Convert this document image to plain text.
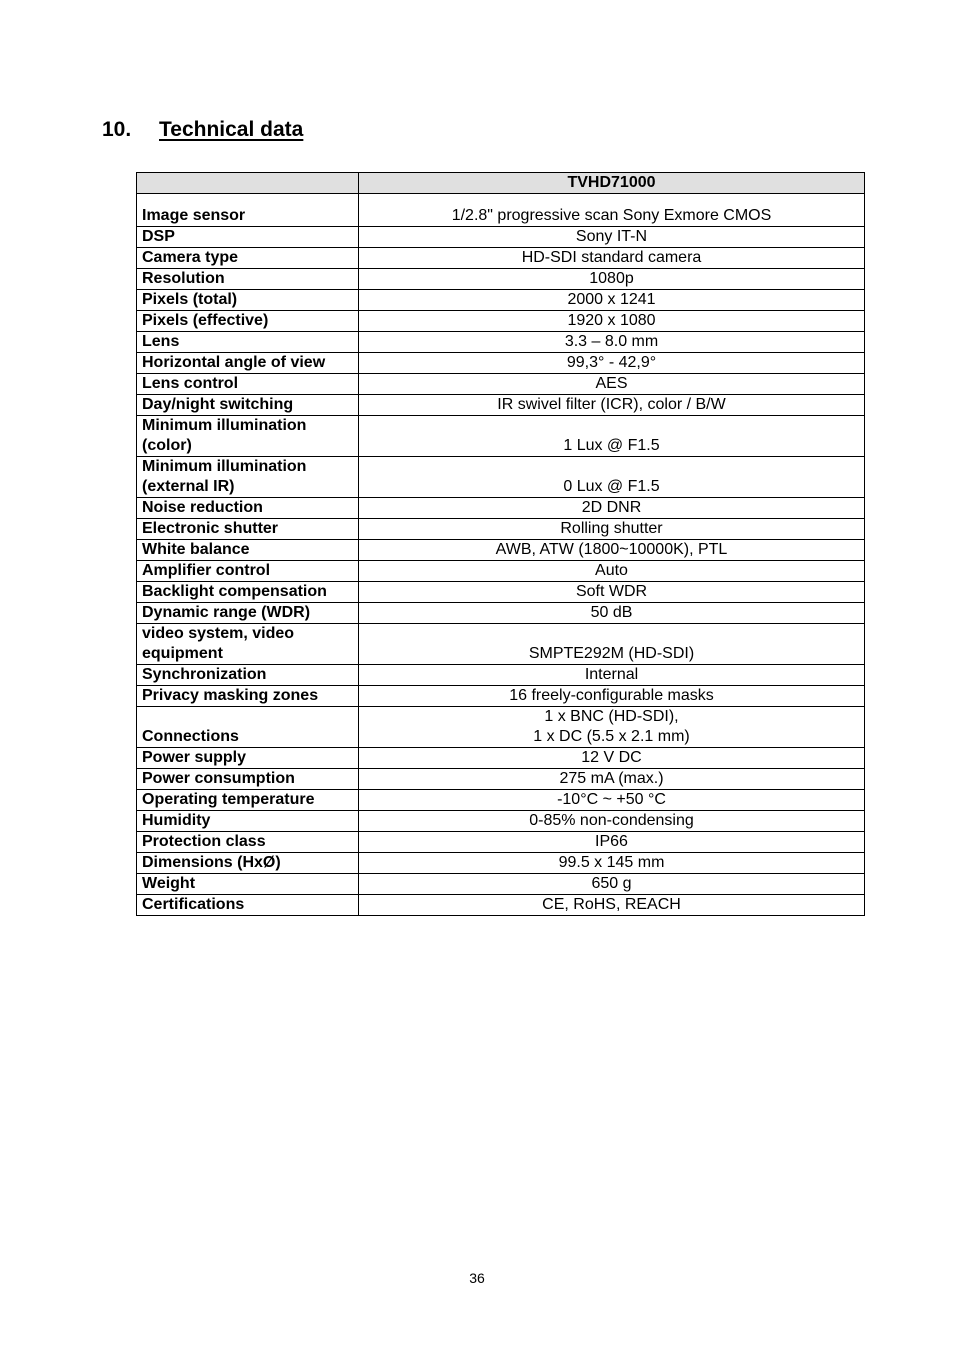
10. Technical data
	TVHD71000
Image sensor	1/2.8" progressive scan Sony Exmore CMOS
DSP	Sony IT-N
Camera type	HD-SDI standard camera
Resolution	1080p
Pixels (total)	2000 x 1241
Pixels (effective)	1920 x 1080
Lens	3.3 – 8.0 mm
Horizontal angle of view	99,3° - 42,9°
Lens control	AES
Day/night switching	IR swivel filter (ICR), color / B/W
Minimum illumination
(color)	1 Lux @ F1.5
Minimum illumination
(external IR)	0 Lux @ F1.5
Noise reduction	2D DNR
Electronic shutter	Rolling shutter
White balance	AWB, ATW (1800~10000K), PTL
Amplifier control	Auto
Backlight compensation	Soft WDR
Dynamic range (WDR)	50 dB
video system, video
equipment	SMPTE292M (HD-SDI)
Synchronization	Internal
Privacy masking zones	16 freely-configurable masks
Connections	1 x BNC (HD-SDI),
1 x DC (5.5 x 2.1 mm)
Power supply	12 V DC
Power consumption	275 mA (max.)
Operating temperature	-10°C ~ +50 °C
Humidity	0-85% non-condensing
Protection class	IP66
Dimensions (HxØ)	99.5 x 145 mm
Weight	650 g
Certifications	CE, RoHS, REACH
36
